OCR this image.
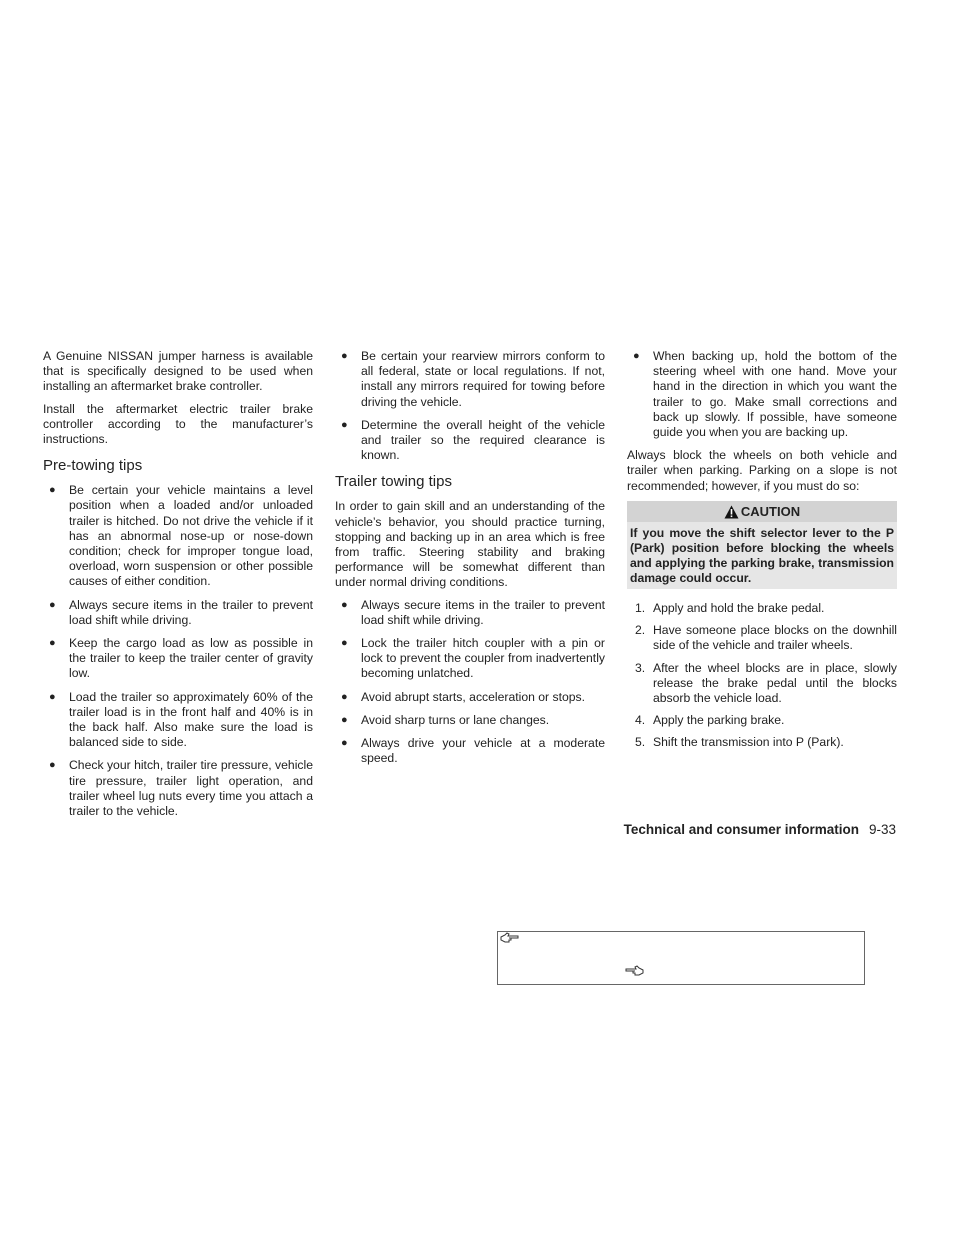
A Genuine NISSAN jumper harness is available that is specifically designed to be used when installing an aftermarket brake controller.

Install the aftermarket electric trailer brake controller according to the manufacturer’s instructions.

Pre-towing tips
● Be certain your vehicle maintains a level position when a loaded and/or unloaded trailer is hitched. Do not drive the vehicle if it has an abnormal nose-up or nose-down condition; check for improper tongue load, overload, worn suspension or other possible causes of either condition.
● Always secure items in the trailer to prevent load shift while driving.
● Keep the cargo load as low as possible in the trailer to keep the trailer center of gravity low.
● Load the trailer so approximately 60% of the trailer load is in the front half and 40% is in the back half. Also make sure the load is balanced side to side.
● Check your hitch, trailer tire pressure, vehicle tire pressure, trailer light operation, and trailer wheel lug nuts every time you attach a trailer to the vehicle.
● Be certain your rearview mirrors conform to all federal, state or local regulations. If not, install any mirrors required for towing before driving the vehicle.
● Determine the overall height of the vehicle and trailer so the required clearance is known.
Trailer towing tips

In order to gain skill and an understanding of the vehicle’s behavior, you should practice turning, stopping and backing up in an area which is free from traffic. Steering stability and braking performance will be somewhat different than under normal driving conditions.

● Always secure items in the trailer to prevent load shift while driving.
● Lock the trailer hitch coupler with a pin or lock to prevent the coupler from inadvertently becoming unlatched.
● Avoid abrupt starts, acceleration or stops.
● Avoid sharp turns or lane changes.
● Always drive your vehicle at a moderate speed.
● When backing up, hold the bottom of the steering wheel with one hand. Move your hand in the direction in which you want the trailer to go. Make small corrections and back up slowly. If possible, have someone guide you when you are backing up.

Always block the wheels on both vehicle and trailer when parking. Parking on a slope is not recommended; however, if you must do so:

CAUTION
If you move the shift selector lever to the P (Park) position before blocking the wheels and applying the parking brake, transmission damage could occur.
1. Apply and hold the brake pedal.
2. Have someone place blocks on the downhill side of the vehicle and trailer wheels.
3. After the wheel blocks are in place, slowly release the brake pedal until the blocks absorb the vehicle load.
4. Apply the parking brake.
5. Shift the transmission into P (Park).
Technical and consumer information 9-33
